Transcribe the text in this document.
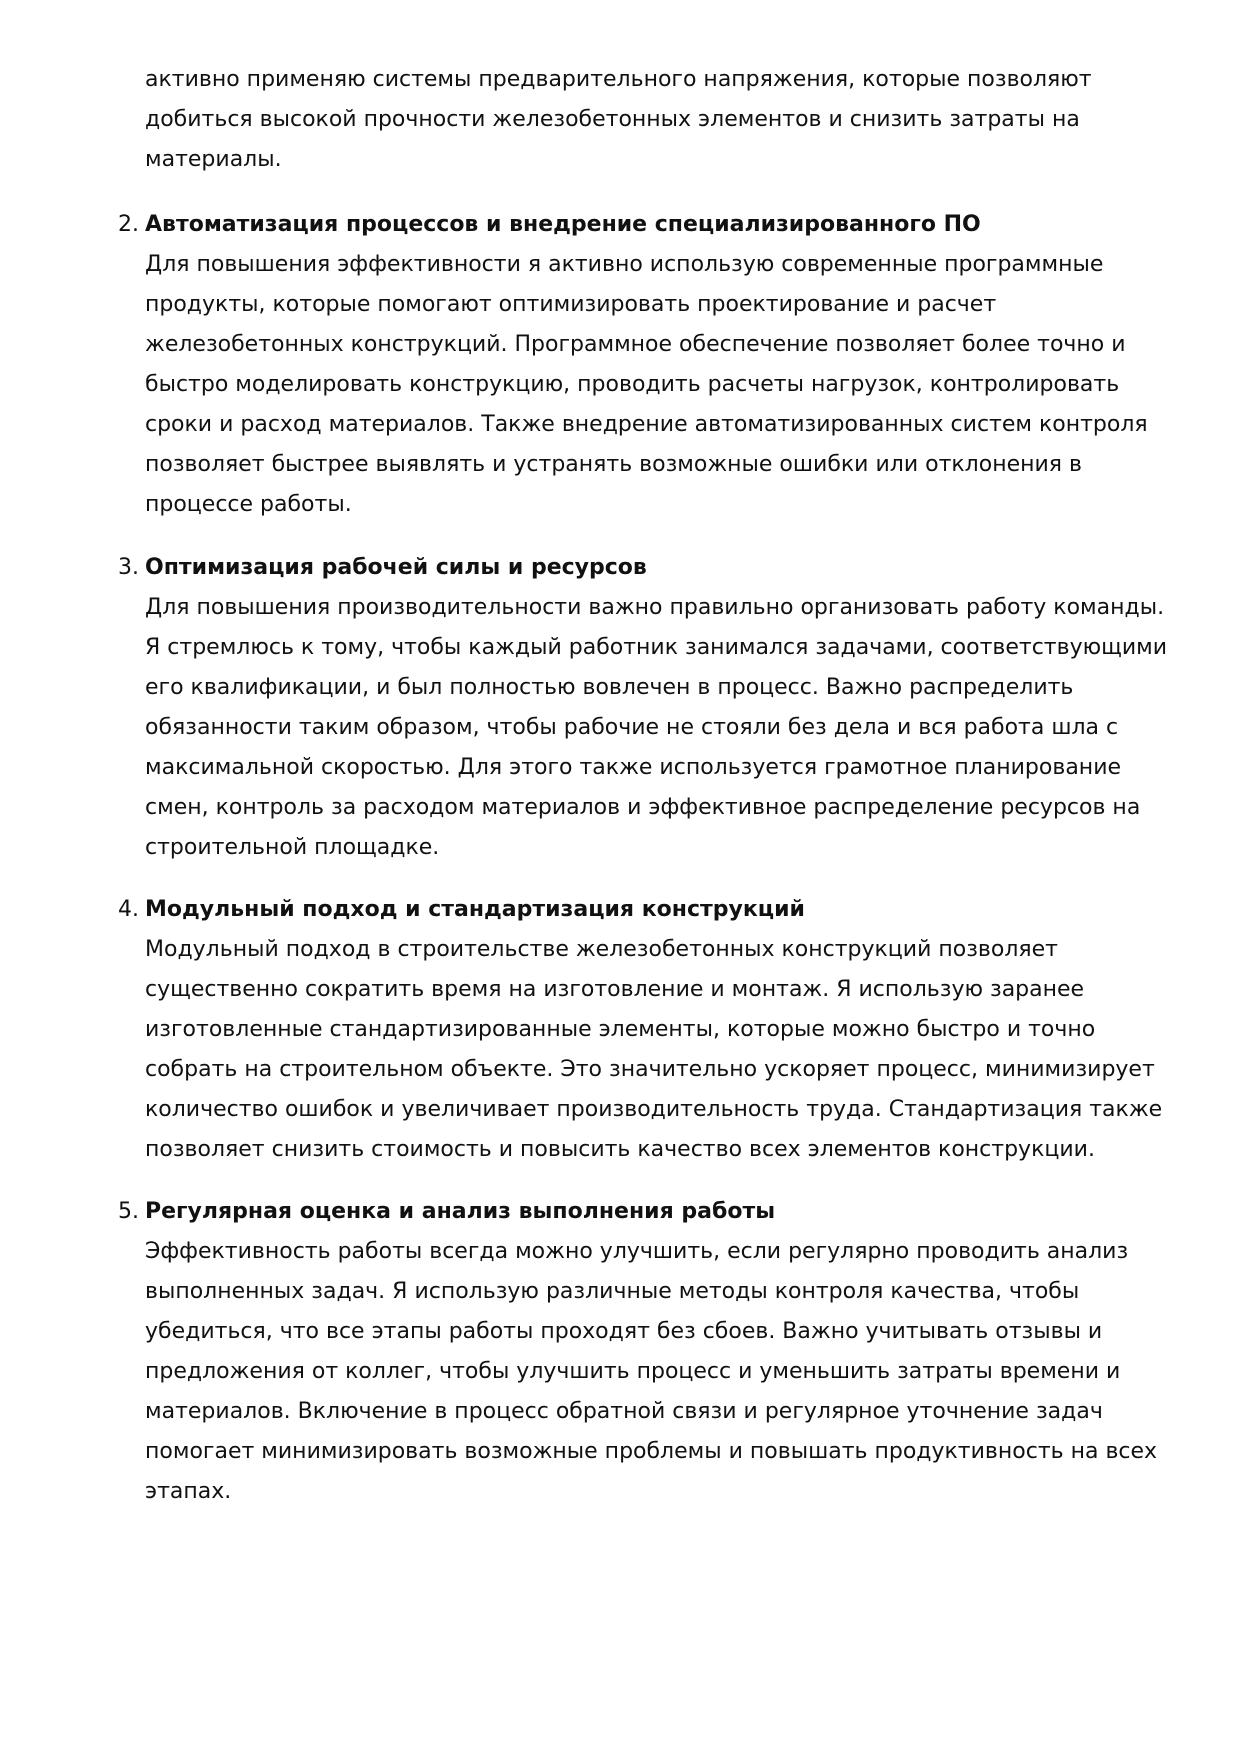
активно применяю системы предварительного напряжения, которые позволяют
добиться высокой прочности железобетонных элементов и снизить затраты на
материалы.
2. Автоматизация процессов и внедрение специализированного ПО
Для повышения эффективности я активно использую современные программные
продукты, которые помогают оптимизировать проектирование и расчет
железобетонных конструкций. Программное обеспечение позволяет более точно и
быстро моделировать конструкцию, проводить расчеты нагрузок, контролировать
сроки и расход материалов. Также внедрение автоматизированных систем контроля
позволяет быстрее выявлять и устранять возможные ошибки или отклонения в
процессе работы.
3. Оптимизация рабочей силы и ресурсов
Для повышения производительности важно правильно организовать работу команды.
Я стремлюсь к тому, чтобы каждый работник занимался задачами, соответствующими
его квалификации, и был полностью вовлечен в процесс. Важно распределить
обязанности таким образом, чтобы рабочие не стояли без дела и вся работа шла с
максимальной скоростью. Для этого также используется грамотное планирование
смен, контроль за расходом материалов и эффективное распределение ресурсов на
строительной площадке.
4. Модульный подход и стандартизация конструкций
Модульный подход в строительстве железобетонных конструкций позволяет
существенно сократить время на изготовление и монтаж. Я использую заранее
изготовленные стандартизированные элементы, которые можно быстро и точно
собрать на строительном объекте. Это значительно ускоряет процесс, минимизирует
количество ошибок и увеличивает производительность труда. Стандартизация также
позволяет снизить стоимость и повысить качество всех элементов конструкции.
5. Регулярная оценка и анализ выполнения работы
Эффективность работы всегда можно улучшить, если регулярно проводить анализ
выполненных задач. Я использую различные методы контроля качества, чтобы
убедиться, что все этапы работы проходят без сбоев. Важно учитывать отзывы и
предложения от коллег, чтобы улучшить процесс и уменьшить затраты времени и
материалов. Включение в процесс обратной связи и регулярное уточнение задач
помогает минимизировать возможные проблемы и повышать продуктивность на всех
этапах.
